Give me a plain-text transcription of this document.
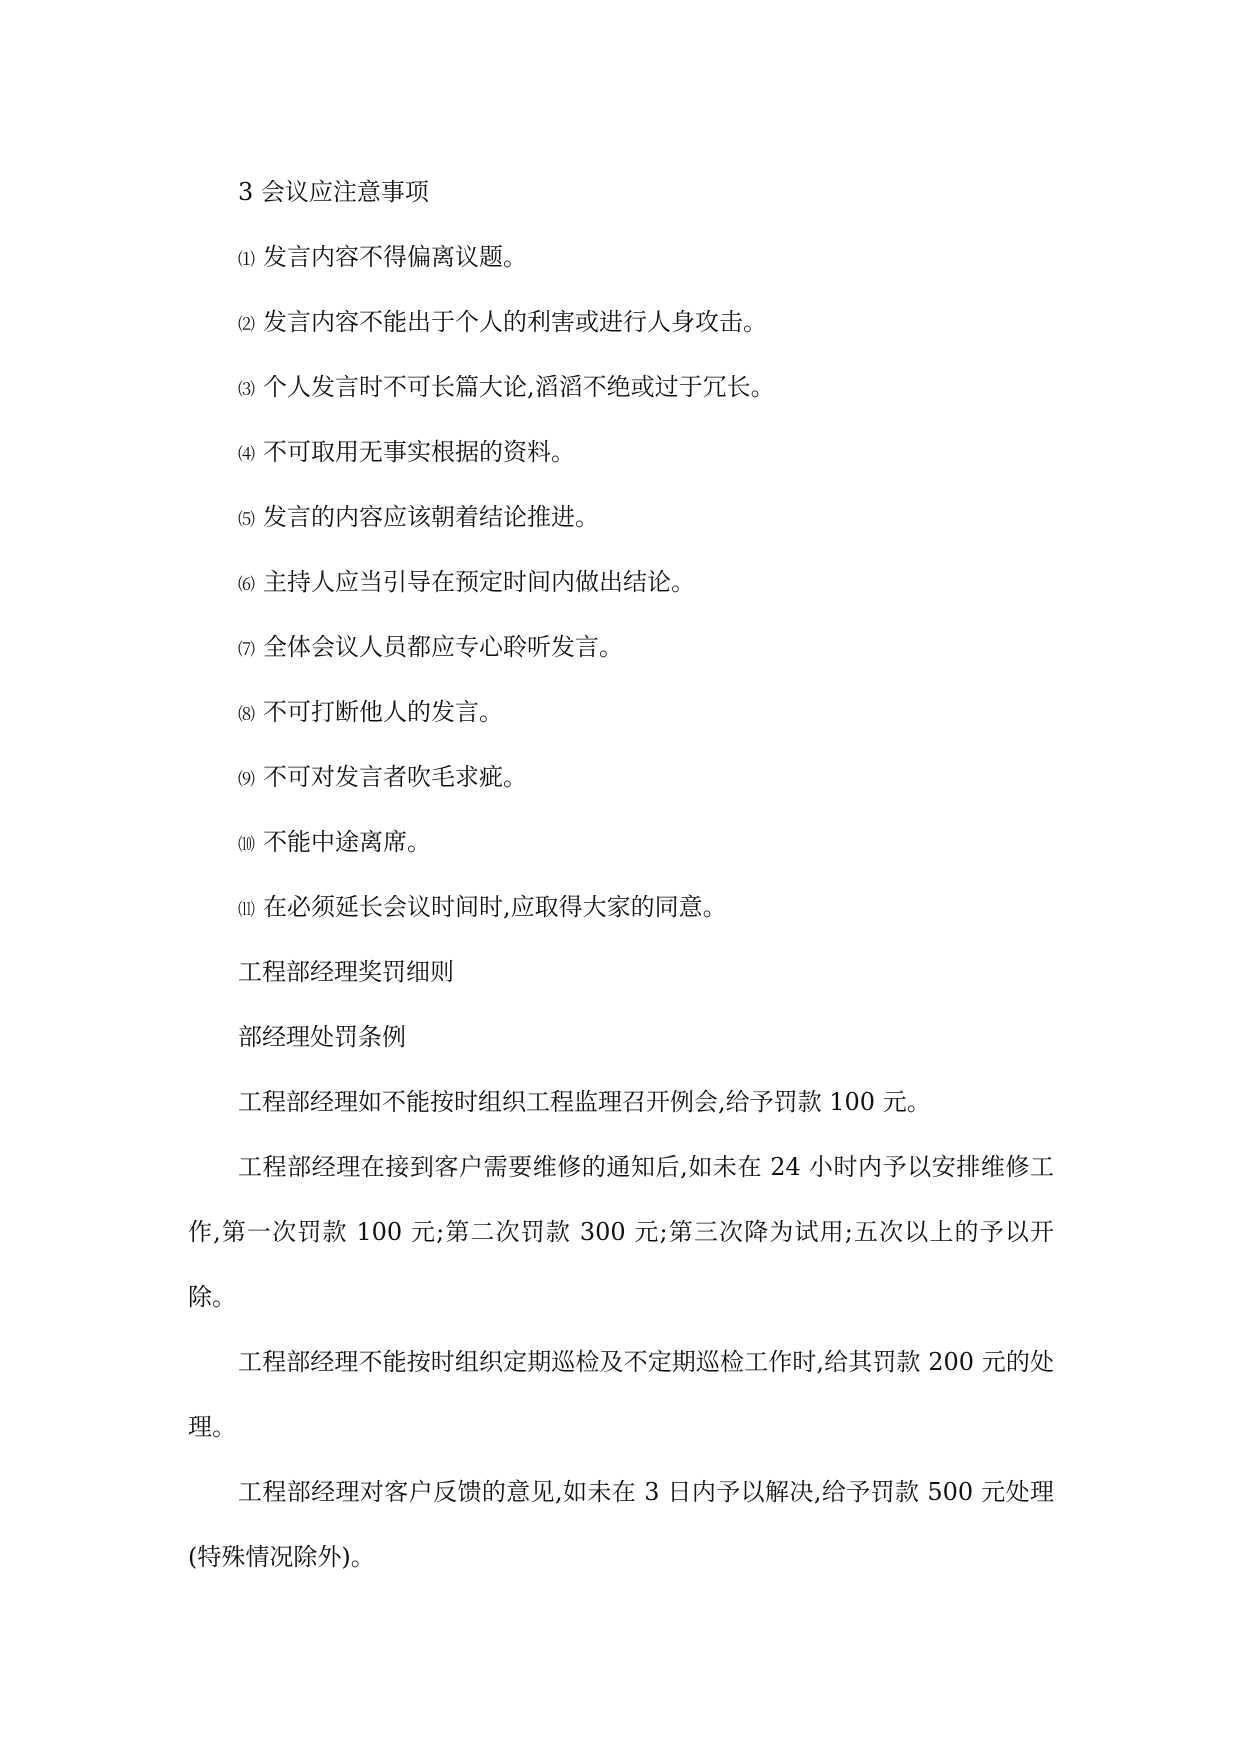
3 会议应注意事项
⑴ 发言内容不得偏离议题。
⑵ 发言内容不能出于个人的利害或进行人身攻击。
⑶ 个人发言时不可长篇大论,滔滔不绝或过于冗长。
⑷ 不可取用无事实根据的资料。
⑸ 发言的内容应该朝着结论推进。
⑹ 主持人应当引导在预定时间内做出结论。
⑺ 全体会议人员都应专心聆听发言。
⑻ 不可打断他人的发言。
⑼ 不可对发言者吹毛求疵。
⑽ 不能中途离席。
⑾ 在必须延长会议时间时,应取得大家的同意。
工程部经理奖罚细则
部经理处罚条例
工程部经理如不能按时组织工程监理召开例会,给予罚款 100 元。
工程部经理在接到客户需要维修的通知后,如未在 24 小时内予以安排维修工作,第一次罚款 100 元;第二次罚款 300 元;第三次降为试用;五次以上的予以开除。
工程部经理不能按时组织定期巡检及不定期巡检工作时,给其罚款 200 元的处理。
工程部经理对客户反馈的意见,如未在 3 日内予以解决,给予罚款 500 元处理(特殊情况除外)。
